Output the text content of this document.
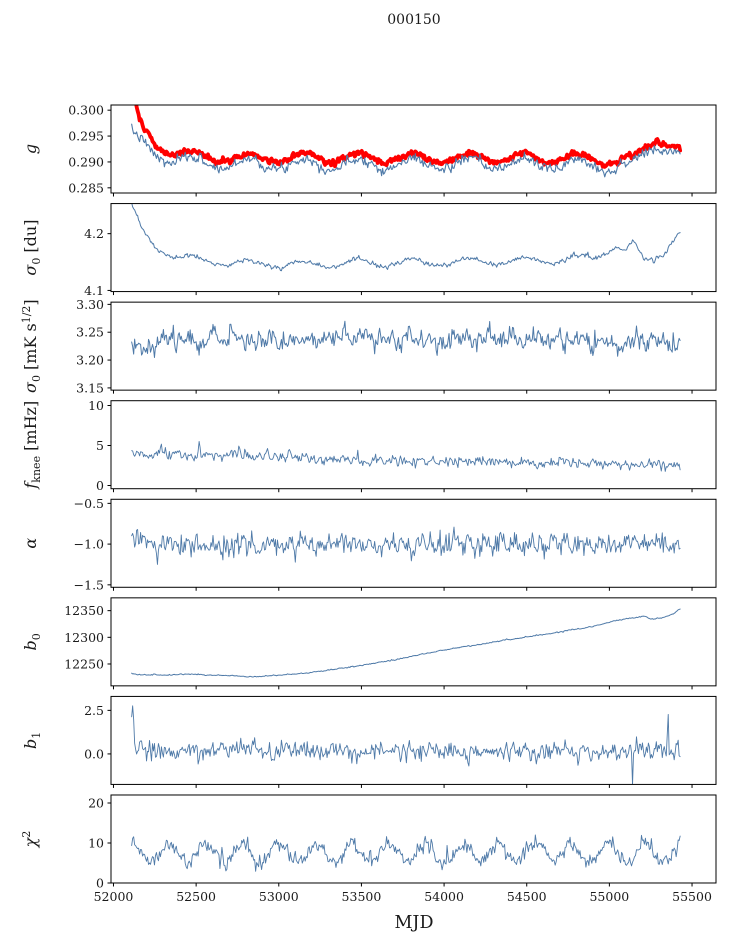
000150
0.300
0.295
0.290
0.285
g
4.2
4.1
$\sigma_0$ [du]
3.30
3.25
3.20
3.15
$\sigma_0$ [mK $s^{1/2}$]
10
5
0
$f_{knee}$ [mHz]
−0.5
−1.0
−1.5
α
12350
12300
12250
$b_0$
2.5
0.0
$b_1$
20
10
0
$\chi^2$
52000	52500	53000	53500	54000	54500	55000	55500
MJD
